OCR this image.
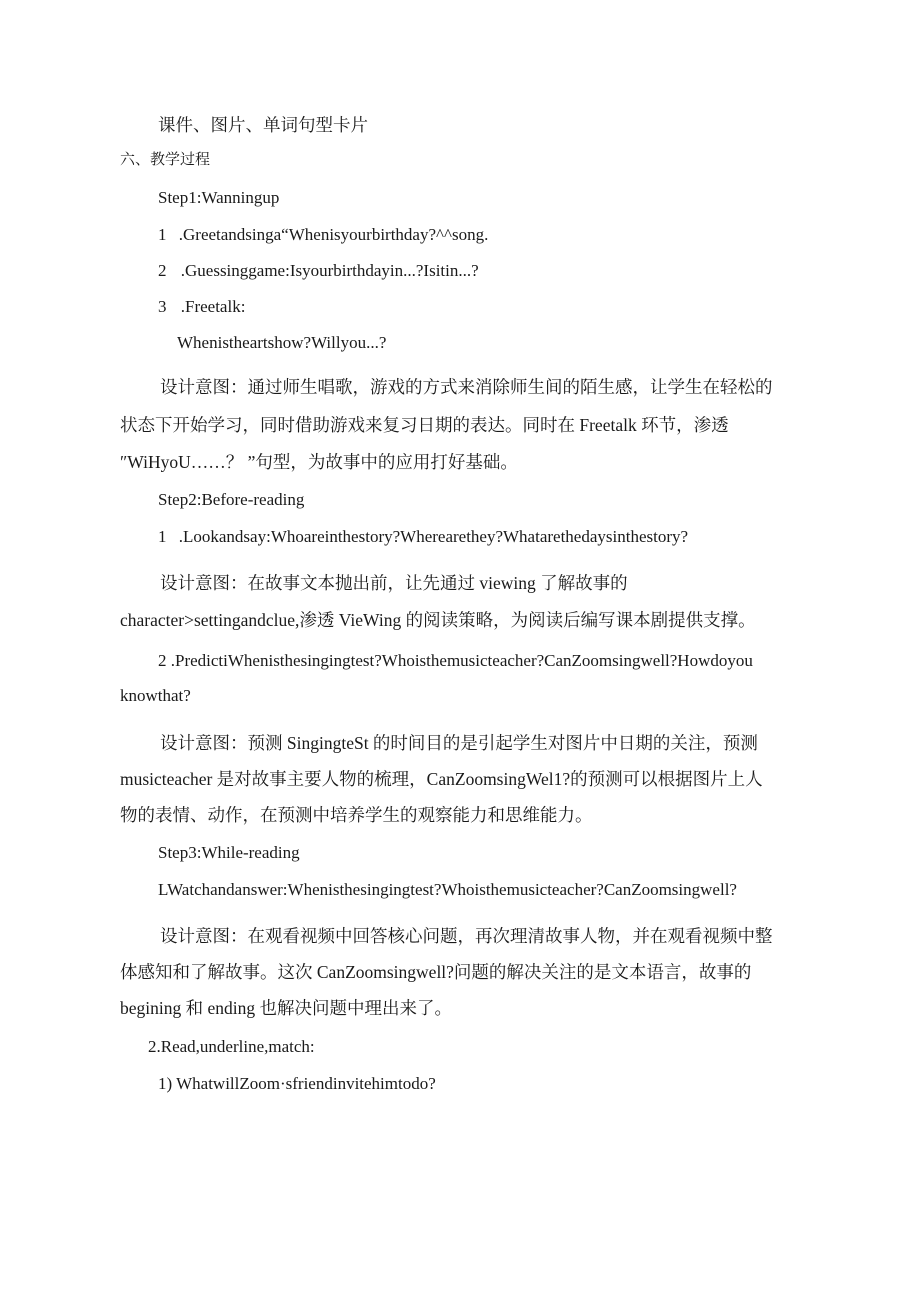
课件、图片、单词句型卡片
六、教学过程
Step1:Wanningup
1 .Greetandsinga“Whenisyourbirthday?^^song.
2 .Guessinggame:Isyourbirthdayin...?Isitin...?
3 .Freetalk:
Whenistheartshow?Willyou...?
设计意图：通过师生唱歌，游戏的方式来消除师生间的陌生感，让学生在轻松的
状态下开始学习，同时借助游戏来复习日期的表达。同时在 Freetalk 环节，渗透
″WiHyoU……？ ”句型，为故事中的应用打好基础。
Step2:Before-reading
1 .Lookandsay:Whoareinthestory?Wherearethey?Whatarethedaysinthestory?
设计意图：在故事文本抛出前，让先通过 viewing 了解故事的
character>settingandclue,渗透 VieWing 的阅读策略，为阅读后编写课本剧提供支撑。
2 .PredictiWhenisthesingingtest?Whoisthemusicteacher?CanZoomsingwell?Howdoyou
knowthat?
设计意图：预测 SingingteSt 的时间目的是引起学生对图片中日期的关注，预测
musicteacher 是对故事主要人物的梳理，CanZoomsingWel1?的预测可以根据图片上人
物的表情、动作，在预测中培养学生的观察能力和思维能力。
Step3:While-reading
LWatchandanswer:Whenisthesingingtest?Whoisthemusicteacher?CanZoomsingwell?
设计意图：在观看视频中回答核心问题，再次理清故事人物，并在观看视频中整
体感知和了解故事。这次 CanZoomsingwell?问题的解决关注的是文本语言，故事的
begining 和 ending 也解决问题中理出来了。
2.Read,underline,match:
1) WhatwillZoom·sfriendinvitehimtodo?
